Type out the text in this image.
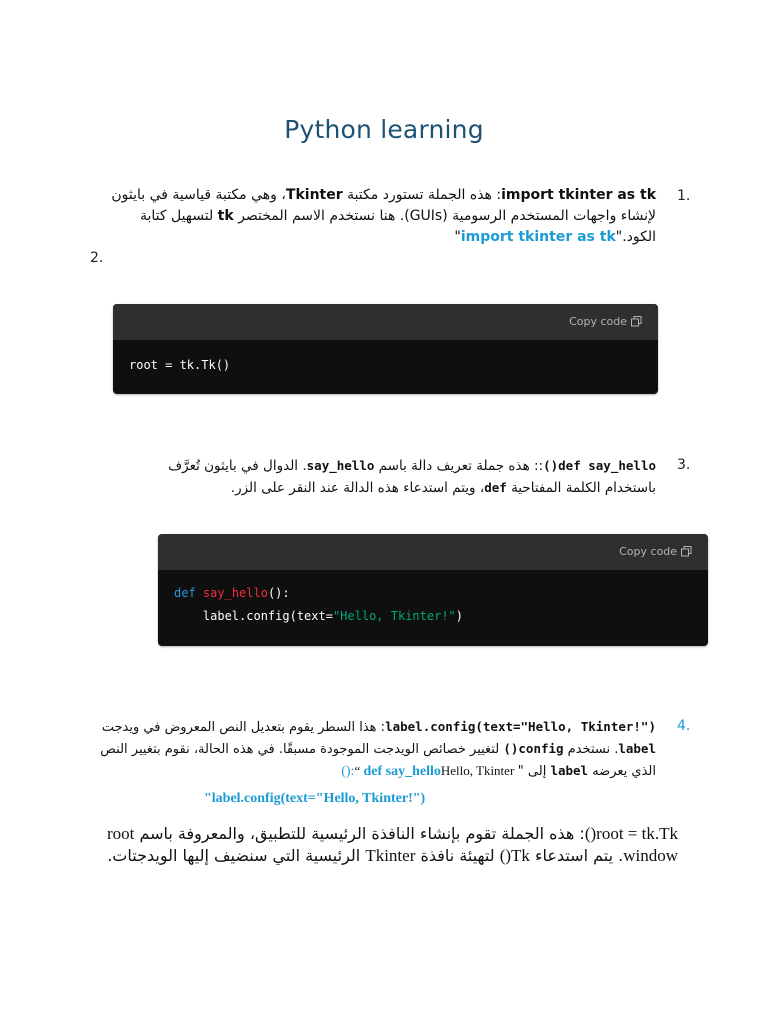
Python learning
1.

import tkinter as tk: هذه الجملة تستورد مكتبة Tkinter، وهي مكتبة قياسية في بايثون لإنشاء واجهات المستخدم الرسومية (GUIs). هنا نستخدم الاسم المختصر tk لتسهيل كتابة الكود."import tkinter as tk"

2.
Copy code
root = tk.Tk()
3.

def say_hello():: هذه جملة تعريف دالة باسم say_hello. الدوال في بايثون تُعرَّف باستخدام الكلمة المفتاحية def، ويتم استدعاء هذه الدالة عند النقر على الزر.

Copy code
def say_hello():
label.config(text="Hello, Tkinter!")
4.

label.config(text="Hello, Tkinter!"): هذا السطر يقوم بتعديل النص المعروض في ويدجت label. نستخدم config() لتغيير خصائص الويدجت الموجودة مسبقًا. في هذه الحالة، نقوم بتغيير النص الذي يعرضه label إلى " def say_helloHello, Tkinter “:()

"label.config(text="Hello, Tkinter!")

root = tk.Tk(): هذه الجملة تقوم بإنشاء النافذة الرئيسية للتطبيق، والمعروفة باسم root window. يتم استدعاء Tk() لتهيئة نافذة Tkinter الرئيسية التي سنضيف إليها الويدجتات.
